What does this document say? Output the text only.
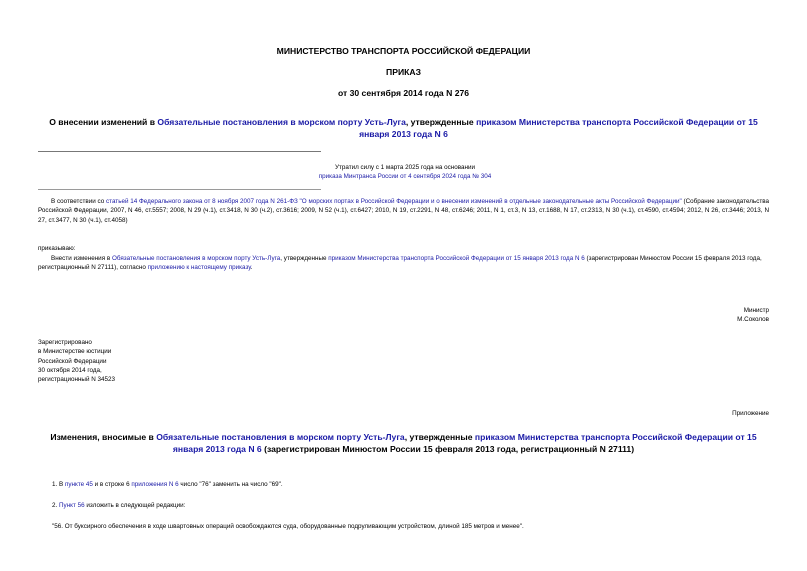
МИНИСТЕРСТВО ТРАНСПОРТА РОССИЙСКОЙ ФЕДЕРАЦИИ
ПРИКАЗ
от 30 сентября 2014 года N 276
О внесении изменений в Обязательные постановления в морском порту Усть-Луга, утвержденные приказом Министерства транспорта Российской Федерации от 15 января 2013 года N 6
Утратил силу с 1 марта 2025 года на основании
приказа Минтранса России от 4 сентября 2024 года № 304
В соответствии со статьей 14 Федерального закона от 8 ноября 2007 года N 261-ФЗ "О морских портах в Российской Федерации и о внесении изменений в отдельные законодательные акты Российской Федерации" (Собрание законодательства Российской Федерации, 2007, N 46, ст.5557; 2008, N 29 (ч.1), ст.3418, N 30 (ч.2), ст.3616; 2009, N 52 (ч.1), ст.6427; 2010, N 19, ст.2291, N 48, ст.6246; 2011, N 1, ст.3, N 13, ст.1688, N 17, ст.2313, N 30 (ч.1), ст.4590, ст.4594; 2012, N 26, ст.3446; 2013, N 27, ст.3477, N 30 (ч.1), ст.4058)
приказываю:
Внести изменения в Обязательные постановления в морском порту Усть-Луга, утвержденные приказом Министерства транспорта Российской Федерации от 15 января 2013 года N 6 (зарегистрирован Минюстом России 15 февраля 2013 года, регистрационный N 27111), согласно приложению к настоящему приказу.
Министр
М.Соколов
Зарегистрировано
в Министерстве юстиции
Российской Федерации
30 октября 2014 года,
регистрационный N 34523
Приложение
Изменения, вносимые в Обязательные постановления в морском порту Усть-Луга, утвержденные приказом Министерства транспорта Российской Федерации от 15 января 2013 года N 6 (зарегистрирован Минюстом России 15 февраля 2013 года, регистрационный N 27111)
1. В пункте 45 и в строке 6 приложения N 6 число "76" заменить на число "69".
2. Пункт 56 изложить в следующей редакции:
"56. От буксирного обеспечения в ходе швартовных операций освобождаются суда, оборудованные подруливающим устройством, длиной 185 метров и менее".
